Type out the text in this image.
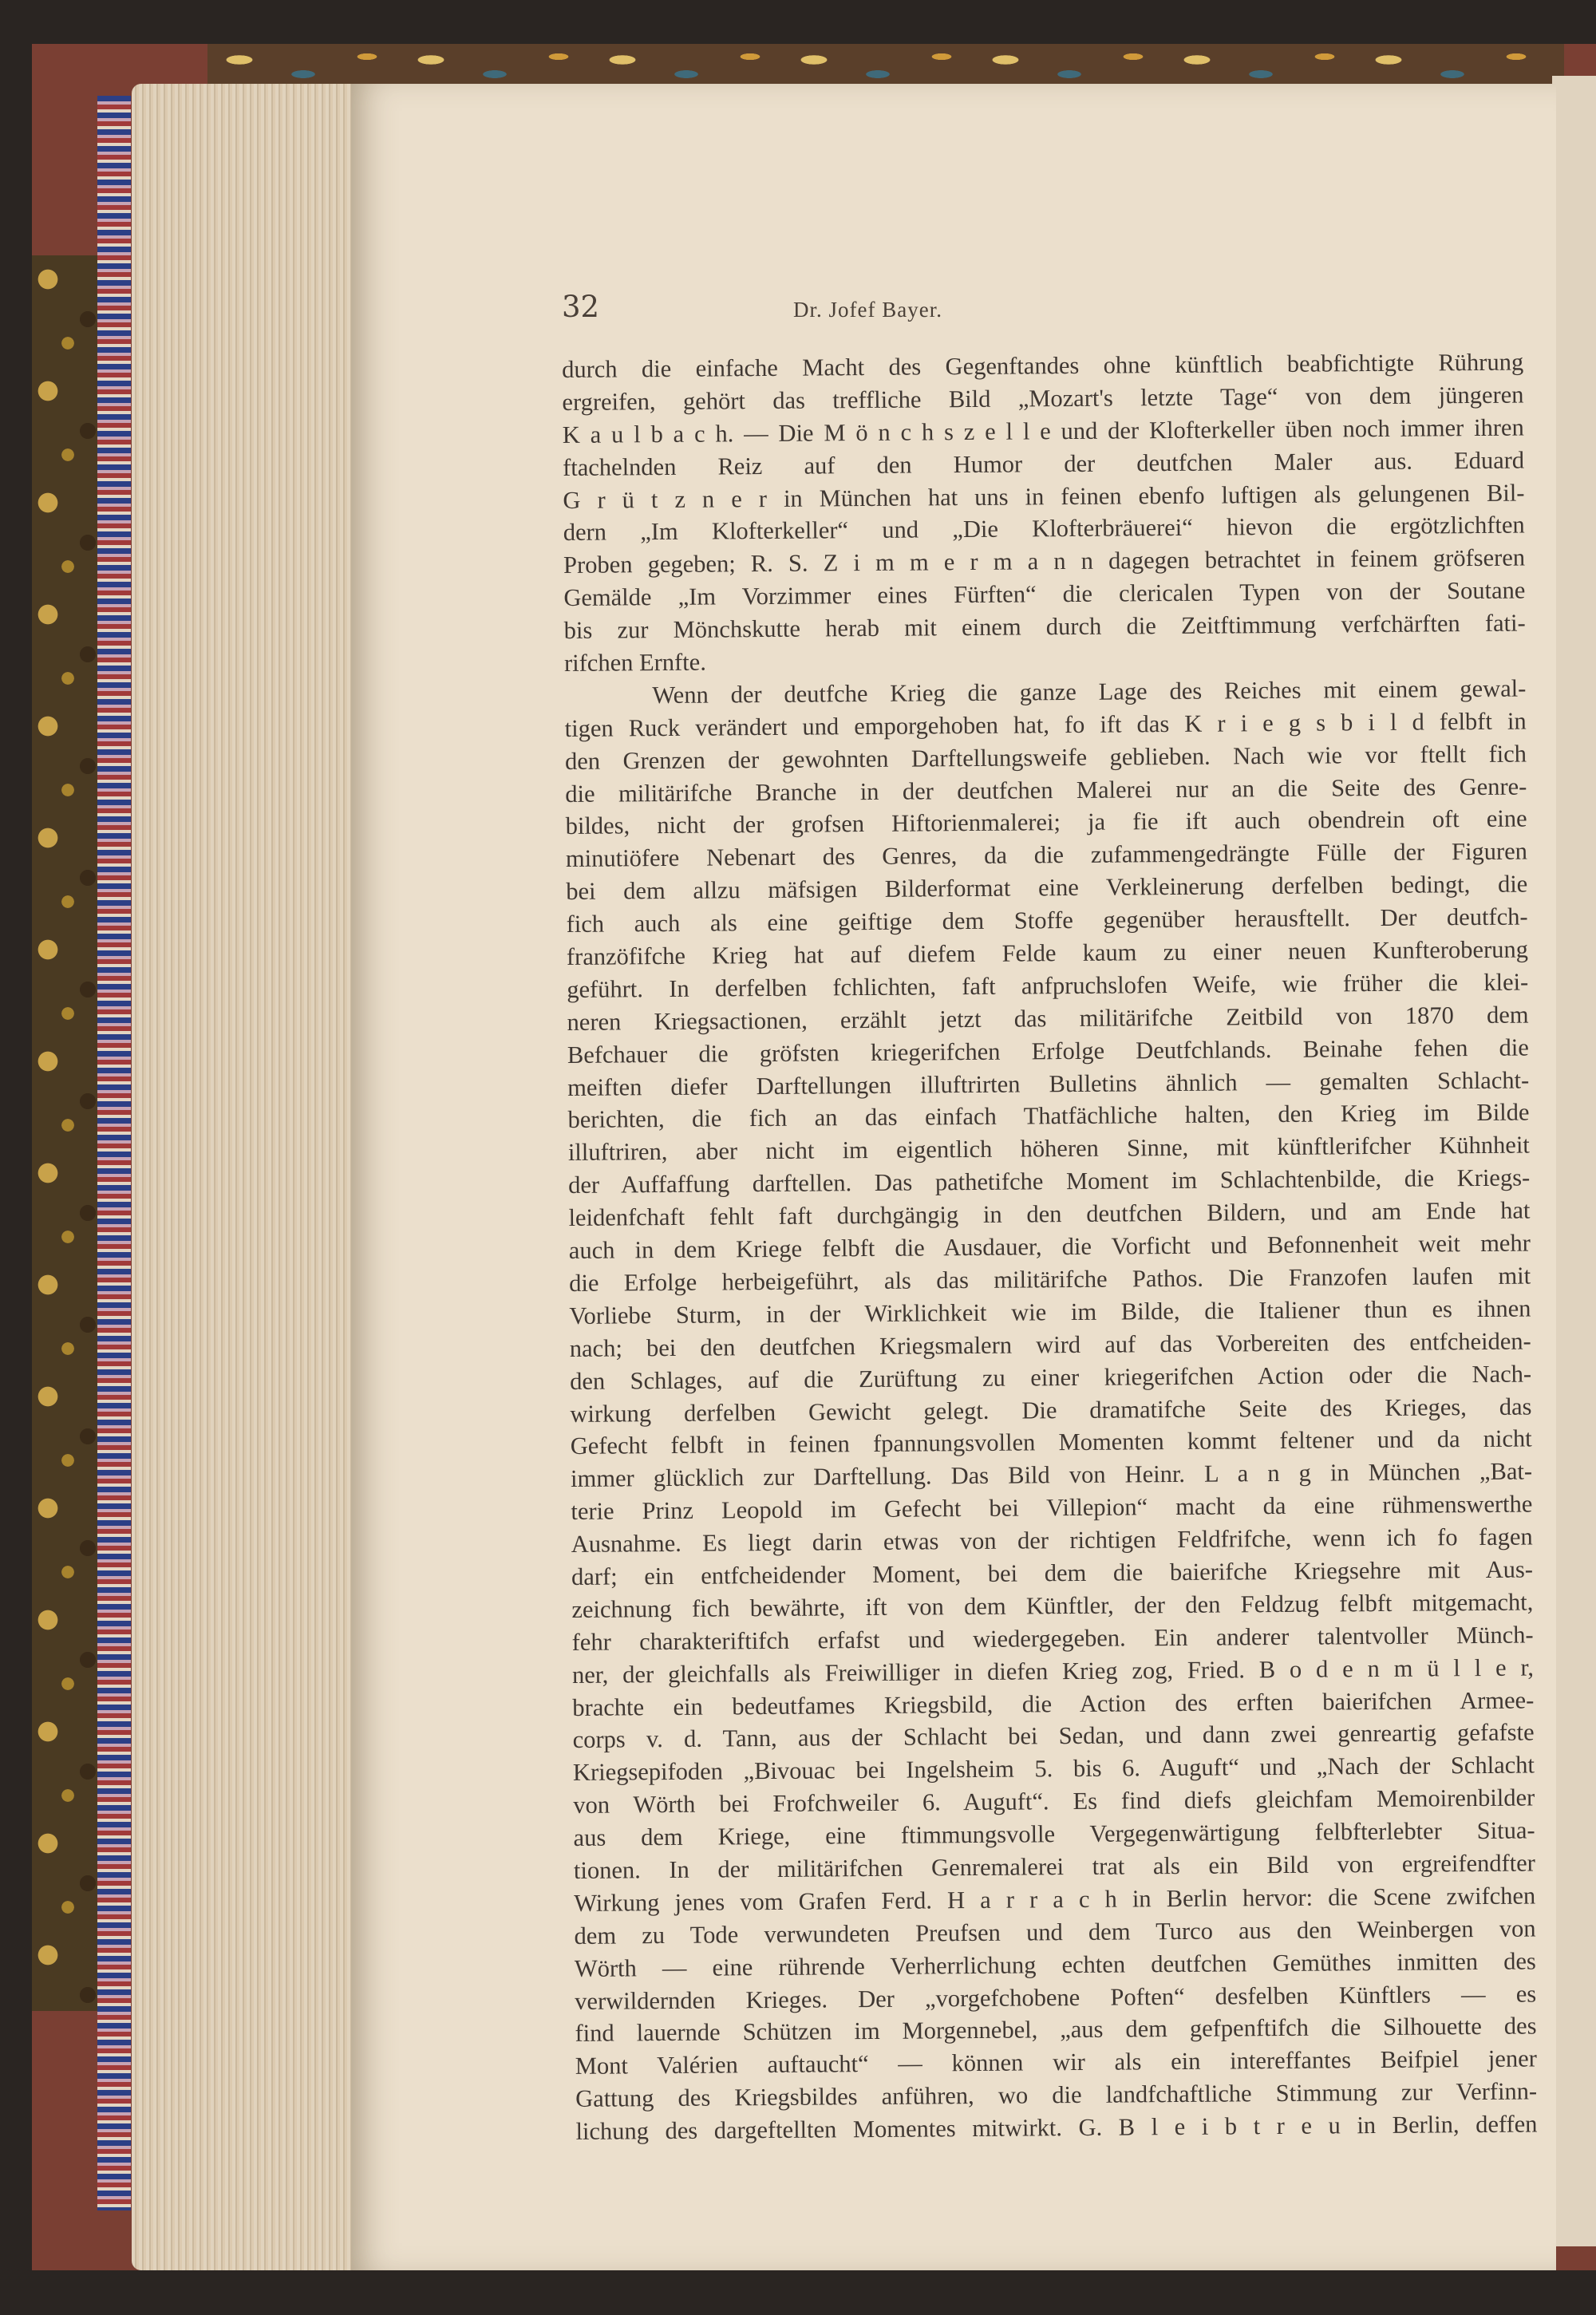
32	Dr. Jofef Bayer.
durch die einfache Macht des Gegenftandes ohne künftlich beabfichtigte Rührung
ergreifen, gehört das treffliche Bild „Mozart's letzte Tage“ von dem jüngeren
K a u l b a c h. — Die M ö n c h s z e l l e und der Klofterkeller üben noch immer ihren
ftachelnden Reiz auf den Humor der deutfchen Maler aus. Eduard
G r ü t z n e r in München hat uns in feinen ebenfo luftigen als gelungenen Bil-
dern „Im Klofterkeller“ und „Die Klofterbräuerei“ hievon die ergötzlichften
Proben gegeben; R. S. Z i m m e r m a n n dagegen betrachtet in feinem gröfseren
Gemälde „Im Vorzimmer eines Fürften“ die clericalen Typen von der Soutane
bis zur Mönchskutte herab mit einem durch die Zeitftimmung verfchärften fati-
rifchen Ernfte.
Wenn der deutfche Krieg die ganze Lage des Reiches mit einem gewal-
tigen Ruck verändert und emporgehoben hat, fo ift das K r i e g s b i l d felbft in
den Grenzen der gewohnten Darftellungsweife geblieben. Nach wie vor ftellt fich
die militärifche Branche in der deutfchen Malerei nur an die Seite des Genre-
bildes, nicht der grofsen Hiftorienmalerei; ja fie ift auch obendrein oft eine
minutiöfere Nebenart des Genres, da die zufammengedrängte Fülle der Figuren
bei dem allzu mäfsigen Bilderformat eine Verkleinerung derfelben bedingt, die
fich auch als eine geiftige dem Stoffe gegenüber herausftellt. Der deutfch-
franzöfifche Krieg hat auf diefem Felde kaum zu einer neuen Kunfteroberung
geführt. In derfelben fchlichten, faft anfpruchslofen Weife, wie früher die klei-
neren Kriegsactionen, erzählt jetzt das militärifche Zeitbild von 1870 dem
Befchauer die gröfsten kriegerifchen Erfolge Deutfchlands. Beinahe fehen die
meiften diefer Darftellungen illuftrirten Bulletins ähnlich — gemalten Schlacht-
berichten, die fich an das einfach Thatfächliche halten, den Krieg im Bilde
illuftriren, aber nicht im eigentlich höheren Sinne, mit künftlerifcher Kühnheit
der Auffaffung darftellen. Das pathetifche Moment im Schlachtenbilde, die Kriegs-
leidenfchaft fehlt faft durchgängig in den deutfchen Bildern, und am Ende hat
auch in dem Kriege felbft die Ausdauer, die Vorficht und Befonnenheit weit mehr
die Erfolge herbeigeführt, als das militärifche Pathos. Die Franzofen laufen mit
Vorliebe Sturm, in der Wirklichkeit wie im Bilde, die Italiener thun es ihnen
nach; bei den deutfchen Kriegsmalern wird auf das Vorbereiten des entfcheiden-
den Schlages, auf die Zurüftung zu einer kriegerifchen Action oder die Nach-
wirkung derfelben Gewicht gelegt. Die dramatifche Seite des Krieges, das
Gefecht felbft in feinen fpannungsvollen Momenten kommt feltener und da nicht
immer glücklich zur Darftellung. Das Bild von Heinr. L a n g in München „Bat-
terie Prinz Leopold im Gefecht bei Villepion“ macht da eine rühmenswerthe
Ausnahme. Es liegt darin etwas von der richtigen Feldfrifche, wenn ich fo fagen
darf; ein entfcheidender Moment, bei dem die baierifche Kriegsehre mit Aus-
zeichnung fich bewährte, ift von dem Künftler, der den Feldzug felbft mitgemacht,
fehr charakteriftifch erfafst und wiedergegeben. Ein anderer talentvoller Münch-
ner, der gleichfalls als Freiwilliger in diefen Krieg zog, Fried. B o d e n m ü l l e r,
brachte ein bedeutfames Kriegsbild, die Action des erften baierifchen Armee-
corps v. d. Tann, aus der Schlacht bei Sedan, und dann zwei genreartig gefafste
Kriegsepifoden „Bivouac bei Ingelsheim 5. bis 6. Auguft“ und „Nach der Schlacht
von Wörth bei Frofchweiler 6. Auguft“. Es find diefs gleichfam Memoirenbilder
aus dem Kriege, eine ftimmungsvolle Vergegenwärtigung felbfterlebter Situa-
tionen. In der militärifchen Genremalerei trat als ein Bild von ergreifendfter
Wirkung jenes vom Grafen Ferd. H a r r a c h in Berlin hervor: die Scene zwifchen
dem zu Tode verwundeten Preufsen und dem Turco aus den Weinbergen von
Wörth — eine rührende Verherrlichung echten deutfchen Gemüthes inmitten des
verwildernden Krieges. Der „vorgefchobene Poften“ desfelben Künftlers — es
find lauernde Schützen im Morgennebel, „aus dem gefpenftifch die Silhouette des
Mont Valérien auftaucht“ — können wir als ein intereffantes Beifpiel jener
Gattung des Kriegsbildes anführen, wo die landfchaftliche Stimmung zur Verfinn-
lichung des dargeftellten Momentes mitwirkt. G. B l e i b t r e u in Berlin, deffen
